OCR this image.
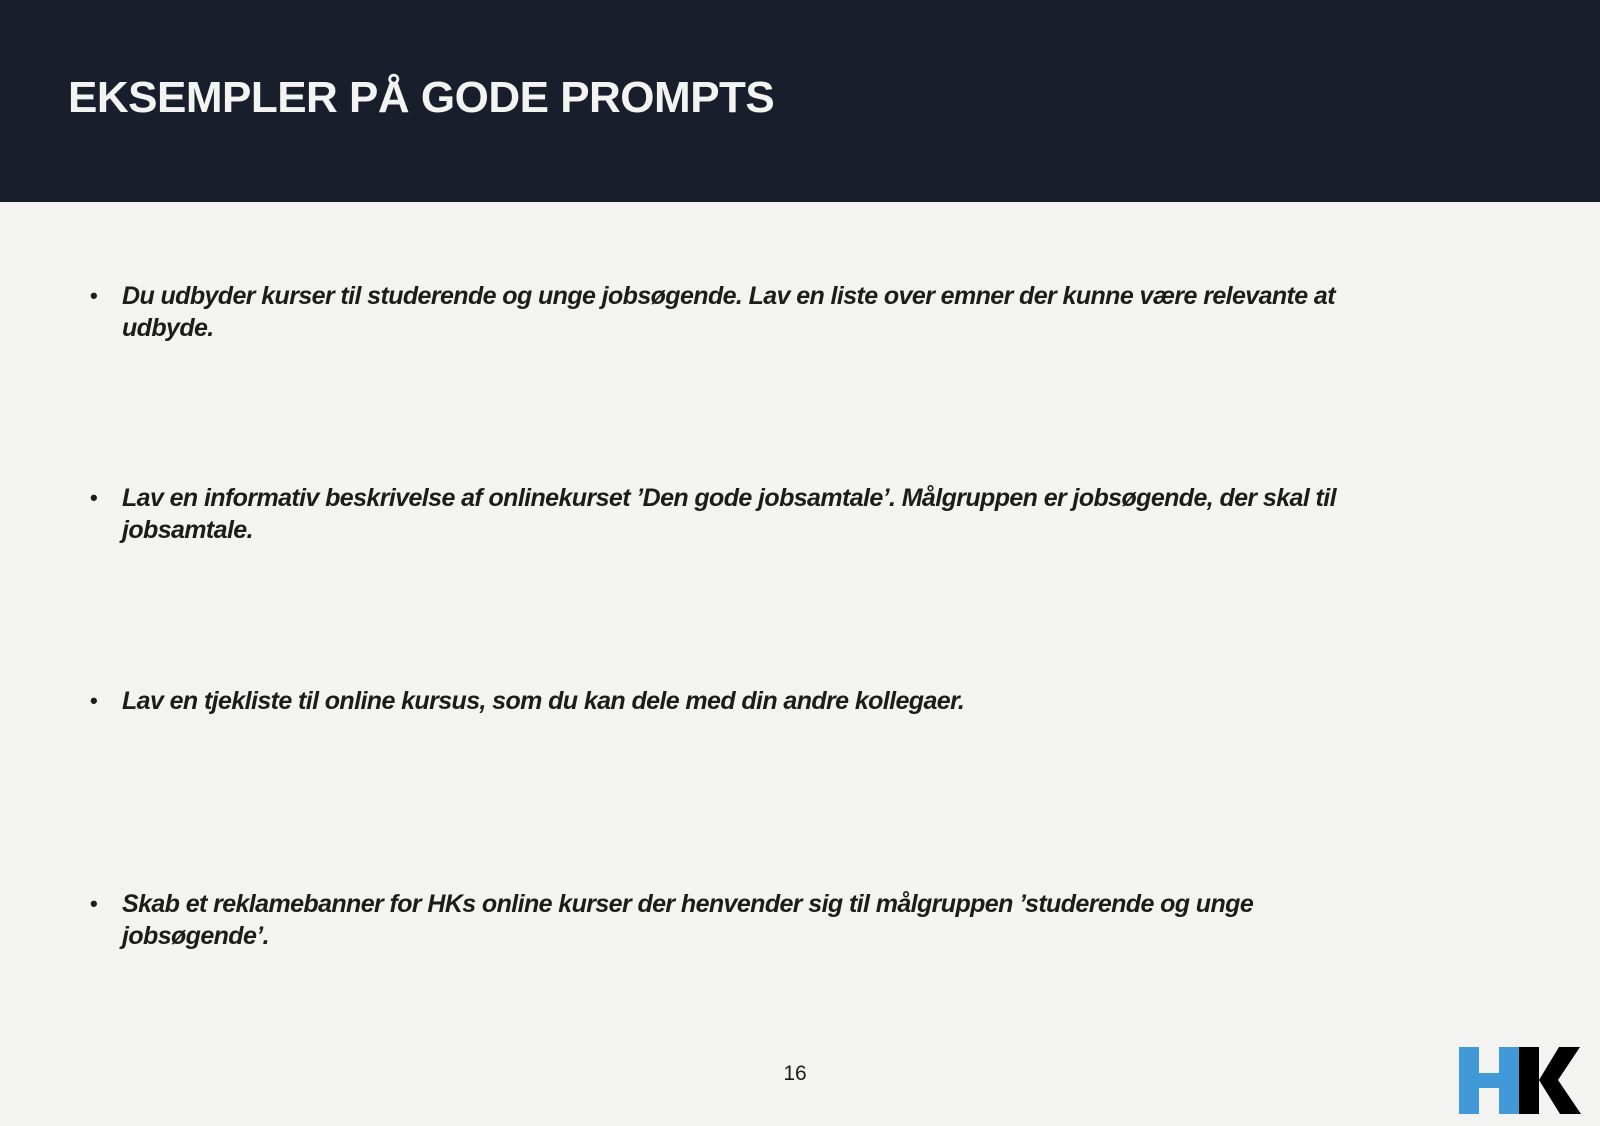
EKSEMPLER PÅ GODE PROMPTS
• Du udbyder kurser til studerende og unge jobsøgende. Lav en liste over emner der kunne være relevante at udbyde.
• Lav en informativ beskrivelse af onlinekurset ’Den gode jobsamtale’. Målgruppen er jobsøgende, der skal til jobsamtale.
• Lav en tjekliste til online kursus, som du kan dele med din andre kollegaer.
• Skab et reklamebanner for HKs online kurser der henvender sig til målgruppen ’studerende og unge jobsøgende’.
16
